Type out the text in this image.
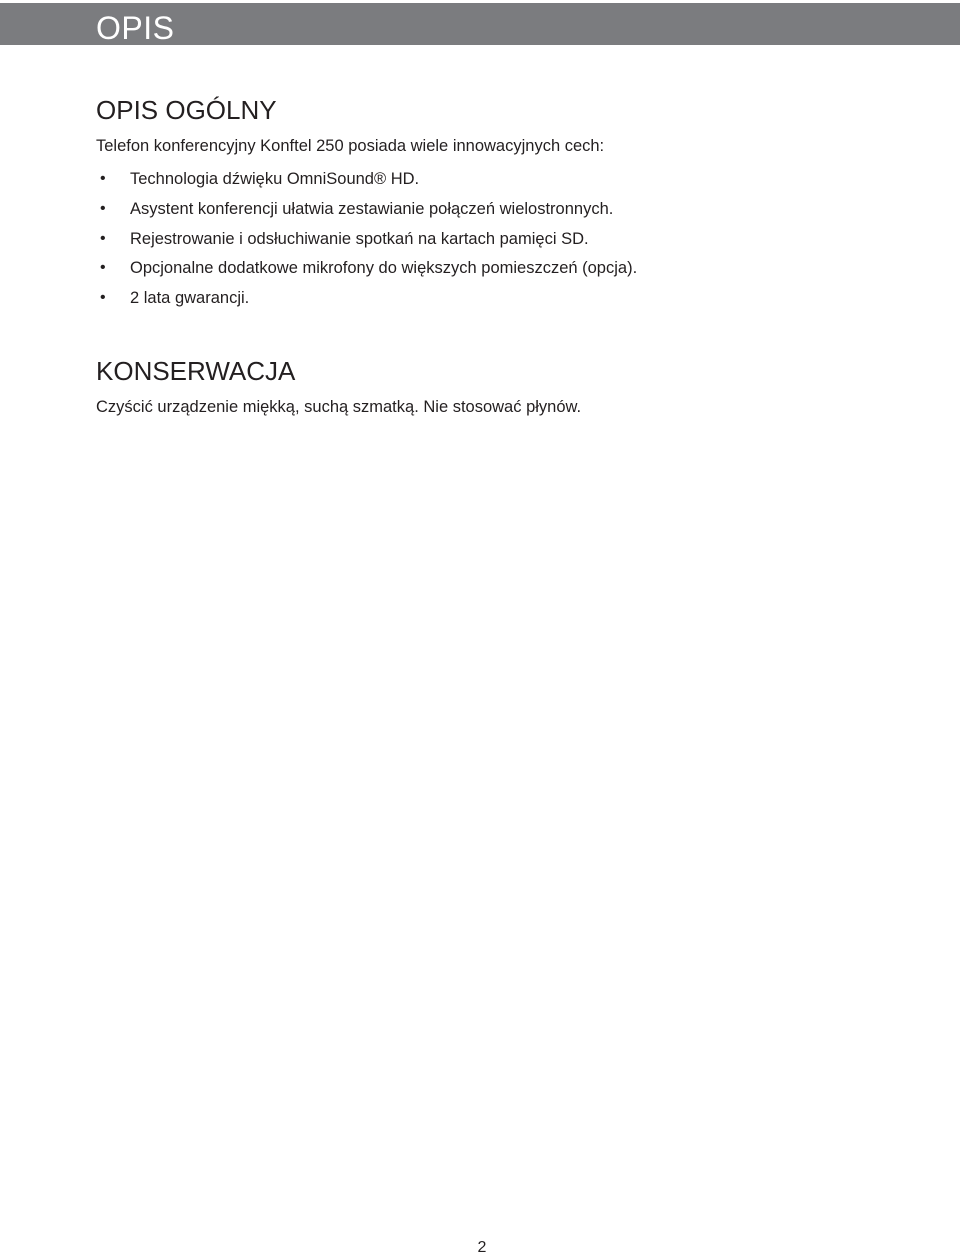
OPIS
OPIS OGÓLNY

Telefon konferencyjny Konftel 250 posiada wiele innowacyjnych cech:

• Technologia dźwięku OmniSound® HD.
• Asystent konferencji ułatwia zestawianie połączeń wielostronnych.
• Rejestrowanie i odsłuchiwanie spotkań na kartach pamięci SD.
• Opcjonalne dodatkowe mikrofony do większych pomieszczeń (opcja).
• 2 lata gwarancji.
KONSERWACJA

Czyścić urządzenie miękką, suchą szmatką. Nie stosować płynów.

2
